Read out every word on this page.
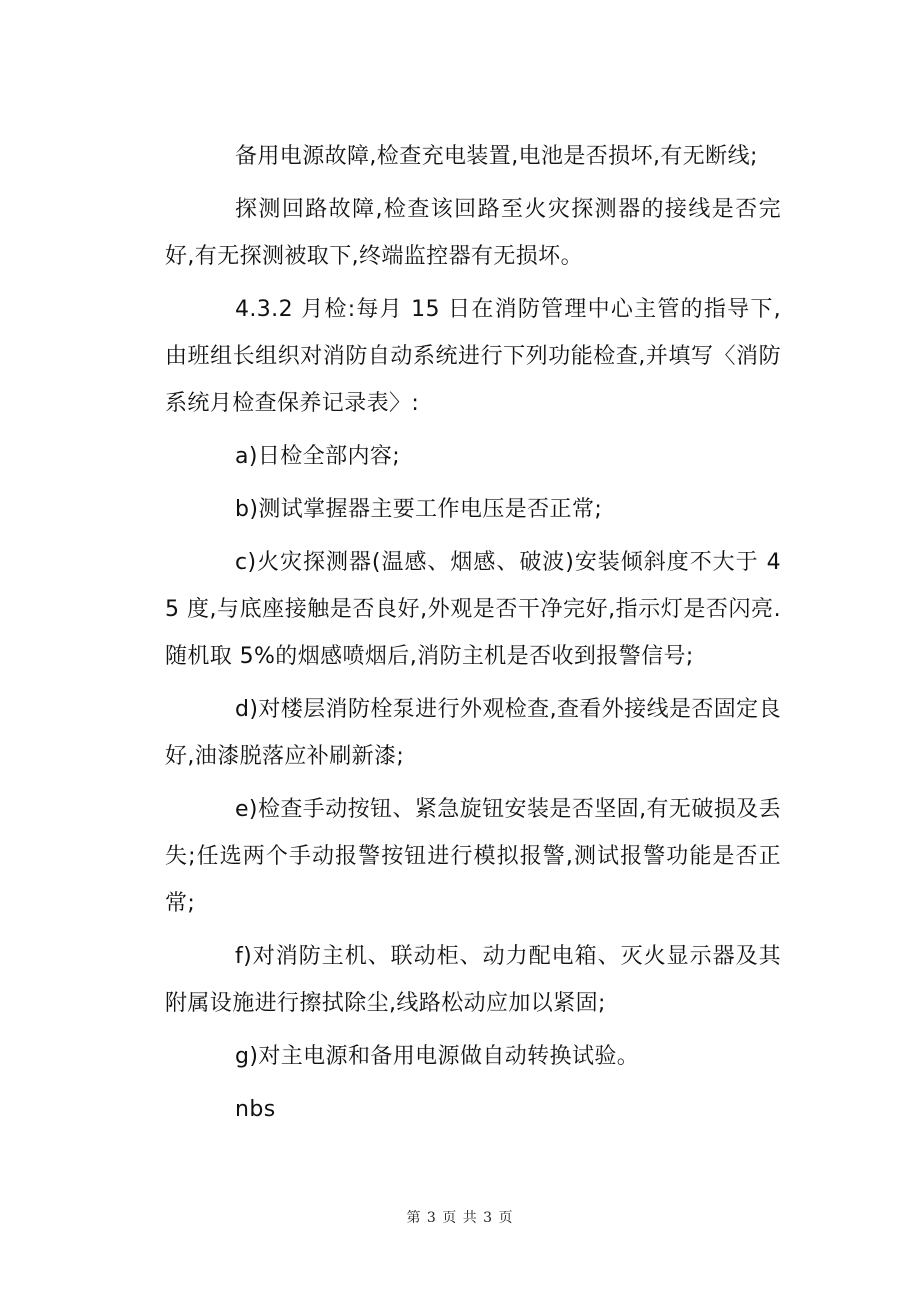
备用电源故障,检查充电装置,电池是否损坏,有无断线;

探测回路故障,检查该回路至火灾探测器的接线是否完好,有无探测被取下,终端监控器有无损坏。

4.3.2 月检:每月 15 日在消防管理中心主管的指导下,由班组长组织对消防自动系统进行下列功能检查,并填写〈消防系统月检查保养记录表〉:

a)日检全部内容;

b)测试掌握器主要工作电压是否正常;

c)火灾探测器(温感、烟感、破波)安装倾斜度不大于 45 度,与底座接触是否良好,外观是否干净完好,指示灯是否闪亮.随机取 5%的烟感喷烟后,消防主机是否收到报警信号;

d)对楼层消防栓泵进行外观检查,查看外接线是否固定良好,油漆脱落应补刷新漆;

e)检查手动按钮、紧急旋钮安装是否坚固,有无破损及丢失;任选两个手动报警按钮进行模拟报警,测试报警功能是否正常;

f)对消防主机、联动柜、动力配电箱、灭火显示器及其附属设施进行擦拭除尘,线路松动应加以紧固;

g)对主电源和备用电源做自动转换试验。

nbs

第 3 页 共 3 页
